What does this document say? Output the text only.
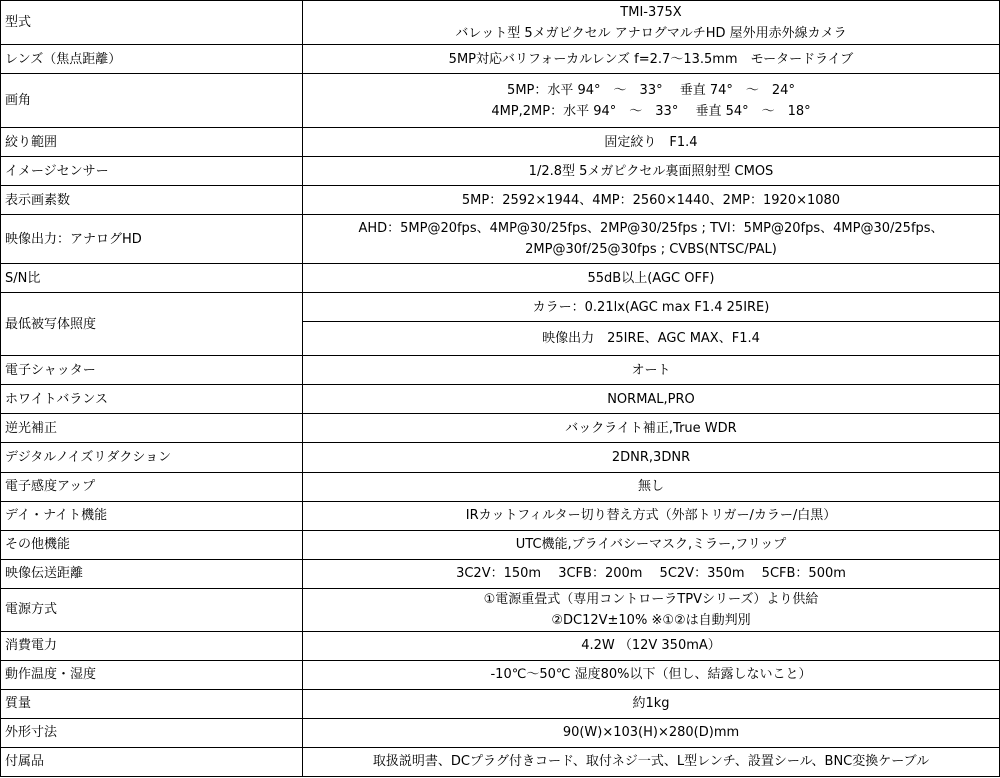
型式	TMI-375X
バレット型 5メガピクセル アナログマルチHD 屋外用赤外線カメラ

レンズ（焦点距離）	5MP対応バリフォーカルレンズ f=2.7～13.5mm　モータードライブ

画角	5MP：水平 94°　～　33°　 垂直 74°　～　24°
4MP,2MP：水平 94°　～　33°　 垂直 54°　～　18°

絞り範囲	固定絞り　F1.4

イメージセンサー	1/2.8型 5メガピクセル裏面照射型 CMOS

表示画素数	5MP：2592×1944、4MP：2560×1440、2MP：1920×1080

映像出力：アナログHD	AHD：5MP@20fps、4MP@30/25fps、2MP@30/25fps ; TVI：5MP@20fps、4MP@30/25fps、
2MP@30f/25@30fps ; CVBS(NTSC/PAL)

S/N比	55dB以上(AGC OFF)

最低被写体照度	カラー：0.21lx(AGC max F1.4 25IRE)

	映像出力　25IRE、AGC MAX、F1.4

電子シャッター	オート

ホワイトバランス	NORMAL,PRO

逆光補正	バックライト補正,True WDR

デジタルノイズリダクション	2DNR,3DNR

電子感度アップ	無し

デイ・ナイト機能	IRカットフィルター切り替え方式（外部トリガー/カラー/白黒）

その他機能	UTC機能,プライバシーマスク,ミラー,フリップ

映像伝送距離	3C2V：150m　 3CFB：200m　 5C2V：350m　 5CFB：500m

電源方式	①電源重畳式（専用コントローラTPVシリーズ）より供給
②DC12V±10% ※①②は自動判別

消費電力	4.2W （12V 350mA）

動作温度・湿度	-10℃～50℃ 湿度80%以下（但し、結露しないこと）

質量	約1kg

外形寸法	90(W)×103(H)×280(D)mm

付属品	取扱説明書、DCプラグ付きコード、取付ネジ一式、L型レンチ、設置シール、BNC変換ケーブル
